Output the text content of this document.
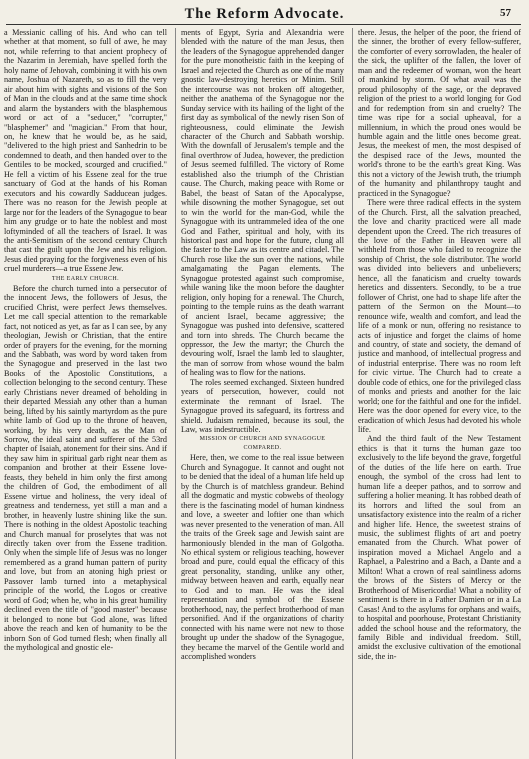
The Reform Advocate.	57

a Messianic calling of his. And who can tell whether at that moment, so full of awe, he may not, while referring to that ancient prophecy of the Nazarim in Jeremiah, have spelled forth the holy name of Jehovah, combining it with his own name, Joshua of Nazareth, so as to fill the very air about him with sights and visions of the Son of Man in the clouds and at the same time shock and alarm the bystanders with the blasphemous word or act of a "seducer," "corrupter," "blasphemer" and "magician." From that hour, on, he knew that he would be, as he said, "delivered to the high priest and Sanhedrin to be condemned to death, and then handed over to the Gentiles to be mocked, scourged and crucified." He fell a victim of his Essene zeal for the true sanctuary of God at the hands of his Roman executors and his cowardly Sadducean judges. There was no reason for the Jewish people at large nor for the leaders of the Synagogue to bear him any grudge or to hate the noblest and most loftyminded of all the teachers of Israel. It was the anti-Semitism of the second century Church that cast the guilt upon the Jew and his religion. Jesus died praying for the forgiveness even of his cruel murderers—a true Essene Jew.

THE EARLY CHURCH.

Before the church turned into a persecutor of the innocent Jews, the followers of Jesus, the crucified Christ, were perfect Jews themselves. Let me call special attention to the remarkable fact, not noticed as yet, as far as I can see, by any theologian, Jewish or Christian, that the entire order of prayers for the evening, for the morning and the Sabbath, was word by word taken from the Synagogue and preserved in the last two Books of the Apostolic Constitutions, a collection belonging to the second century. These early Christians never dreamed of beholding in their departed Messiah any other than a human being, lifted by his saintly martyrdom as the pure white lamb of God up to the throne of heaven, working, by his very death, as the Man of Sorrow, the ideal saint and sufferer of the 53rd chapter of Isaiah, atonement for their sins. And if they saw him in spiritual garb right near them as companion and brother at their Essene love-feasts, they beheld in him only the first among the children of God, the embodiment of all Essene virtue and holiness, the very ideal of greatness and tenderness, yet still a man and a brother, in heavenly lustre shining like the sun. There is nothing in the oldest Apostolic teaching and Church manual for proselytes that was not directly taken over from the Essene tradition. Only when the simple life of Jesus was no longer remembered as a grand human pattern of purity and love, but from an atoning high priest or Passover lamb turned into a metaphysical principle of the world, the Logos or creative word of God; when he, who in his great humility declined even the title of "good master" because it belonged to none but God alone, was lifted above the reach and ken of humanity to be the inborn Son of God turned flesh; when finally all the mythological and gnostic ele-

ments of Egypt, Syria and Alexandria were blended with the nature of the man Jesus, then the leaders of the Synagogue apprehended danger for the pure monotheistic faith in the keeping of Israel and rejected the Church as one of the many gnostic law-destroying heretics or Minim. Still the intercourse was not broken off altogether, neither the anathema of the Synagogue nor the Sunday service with its hailing of the light of the first day as symbolical of the newly risen Son of righteousness, could eliminate the Jewish character of the Church and Sabbath worship. With the downfall of Jerusalem's temple and the final overthrow of Judea, however, the prediction of Jesus seemed fulfilled. The victory of Rome established also the triumph of the Christian cause. The Church, making peace with Rome or Babel, the beast of Satan of the Apocalypse, while disowning the mother Synagogue, set out to win the world for the man-God, while the Synagogue with its untrammeled idea of the one God and Father, spiritual and holy, with its historical past and hope for the future, clung all the faster to the Law as its centre and citadel. The Church rose like the sun over the nations, while amalgamating the Pagan elements. The Synagogue protested against such compromise, while waning like the moon before the daughter religion, only hoping for a renewal. The Church, pointing to the temple ruins as the death warrant of ancient Israel, became aggressive; the Synagogue was pushed into defensive, scattered and torn into shreds. The Church became the oppressor, the Jew the martyr; the Church the devouring wolf, Israel the lamb led to slaughter, the man of sorrow from whose wound the balm of healing was to flow for the nations.

The roles seemed exchanged. Sixteen hundred years of persecution, however, could not exterminate the remnant of Israel. The Synagogue proved its safeguard, its fortress and shield. Judaism remained, because its soul, the Law, was indestructible.

MISSION OF CHURCH AND SYNAGOGUE COMPARED.

Here, then, we come to the real issue between Church and Synagogue. It cannot and ought not to be denied that the ideal of a human life held up by the Church is of matchless grandeur. Behind all the dogmatic and mystic cobwebs of theology there is the fascinating model of human kindness and love, a sweeter and loftier one than which was never presented to the veneration of man. All the traits of the Greek sage and Jewish saint are harmoniously blended in the man of Golgotha. No ethical system or religious teaching, however broad and pure, could equal the efficacy of this great personality, standing, unlike any other, midway between heaven and earth, equally near to God and to man. He was the ideal representation and symbol of the Essene brotherhood, nay, the perfect brotherhood of man personified. And if the organizations of charity connected with his name were not new to those brought up under the shadow of the Synagogue, they became the marvel of the Gentile world and accomplished wonders

there. Jesus, the helper of the poor, the friend of the sinner, the brother of every fellow-sufferer, the comforter of every sorrowladen, the healer of the sick, the uplifter of the fallen, the lover of man and the redeemer of woman, won the heart of mankind by storm. Of what avail was the proud philosophy of the sage, or the depraved religion of the priest to a world longing for God and for redemption from sin and cruelty? The time was ripe for a social upheaval, for a millennium, in which the proud ones would be humble again and the little ones become great. Jesus, the meekest of men, the most despised of the despised race of the Jews, mounted the world's throne to be the earth's great King. Was this not a victory of the Jewish truth, the triumph of the humanity and philanthropy taught and practiced in the Synagogue?

There were three radical effects in the system of the Church. First, all the salvation preached, the love and charity practiced were all made dependent upon the Creed. The rich treasures of the love of the Father in Heaven were all withheld from those who failed to recognize the sonship of Christ, the sole distributor. The world was divided into believers and unbelievers; hence, all the fanaticism and cruelty towards heretics and dissenters. Secondly, to be a true follower of Christ, one had to shape life after the pattern of the Sermon on the Mount—to renounce wife, wealth and comfort, and lead the life of a monk or nun, offering no resistance to acts of injustice and forget the claims of home and country, of state and society, the demand of justice and manhood, of intellectual progress and of industrial enterprise. There was no room left for civic virtue. The Church had to create a double code of ethics, one for the privileged class of monks and priests and another for the laic world; one for the faithful and one for the infidel. Here was the door opened for every vice, to the eradication of which Jesus had devoted his whole life.

And the third fault of the New Testament ethics is that it turns the human gaze too exclusively to the life beyond the grave, forgetful of the duties of the life here on earth. True enough, the symbol of the cross had lent to human life a deeper pathos, and to sorrow and suffering a holier meaning. It has robbed death of its horrors and lifted the soul from an unsatisfactory existence into the realm of a richer and higher life. Hence, the sweetest strains of music, the sublimest flights of art and poetry emanated from the Church. What power of inspiration moved a Michael Angelo and a Raphael, a Palestrino and a Bach, a Dante and a Milton! What a crown of real saintliness adorns the brows of the Sisters of Mercy or the Brotherhood of Misericordia! What a nobility of sentiment is there in a Father Damien or in a La Casas! And to the asylums for orphans and waifs, to hospital and poorhouse, Protestant Christianity added the school house and the reformatory, the family Bible and individual freedom. Still, amidst the exclusive cultivation of the emotional side, the in-
